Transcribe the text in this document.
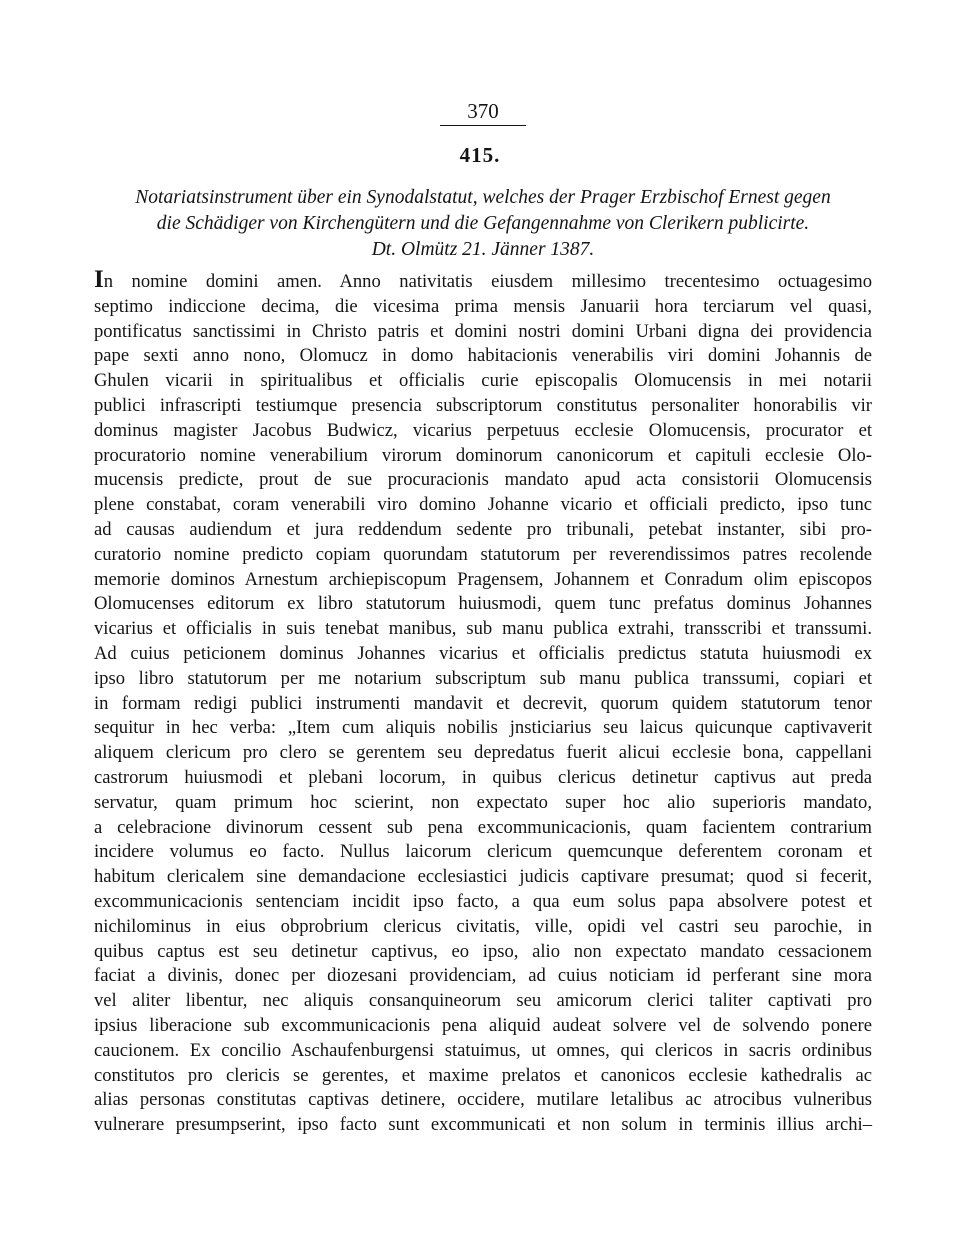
370
415.
Notariatsinstrument über ein Synodalstatut, welches der Prager Erzbischof Ernest gegen
die Schädiger von Kirchengütern und die Gefangennahme von Clerikern publicirte.
Dt. Olmütz 21. Jänner 1387.
In nomine domini amen. Anno nativitatis eiusdem millesimo trecentesimo octuagesimo
septimo indiccione decima, die vicesima prima mensis Januarii hora terciarum vel quasi,
pontificatus sanctissimi in Christo patris et domini nostri domini Urbani digna dei providencia
pape sexti anno nono, Olomucz in domo habitacionis venerabilis viri domini Johannis de
Ghulen vicarii in spiritualibus et officialis curie episcopalis Olomucensis in mei notarii
publici infrascripti testiumque presencia subscriptorum constitutus personaliter honorabilis vir
dominus magister Jacobus Budwicz, vicarius perpetuus ecclesie Olomucensis, procurator et
procuratorio nomine venerabilium virorum dominorum canonicorum et capituli ecclesie Olo-
mucensis predicte, prout de sue procuracionis mandato apud acta consistorii Olomucensis
plene constabat, coram venerabili viro domino Johanne vicario et officiali predicto, ipso tunc
ad causas audiendum et jura reddendum sedente pro tribunali, petebat instanter, sibi pro-
curatorio nomine predicto copiam quorundam statutorum per reverendissimos patres recolende
memorie dominos Arnestum archiepiscopum Pragensem, Johannem et Conradum olim episcopos
Olomucenses editorum ex libro statutorum huiusmodi, quem tunc prefatus dominus Johannes
vicarius et officialis in suis tenebat manibus, sub manu publica extrahi, transscribi et transsumi.
Ad cuius peticionem dominus Johannes vicarius et officialis predictus statuta huiusmodi ex
ipso libro statutorum per me notarium subscriptum sub manu publica transsumi, copiari et
in formam redigi publici instrumenti mandavit et decrevit, quorum quidem statutorum tenor
sequitur in hec verba: „Item cum aliquis nobilis jnsticiarius seu laicus quicunque captivaverit
aliquem clericum pro clero se gerentem seu depredatus fuerit alicui ecclesie bona, cappellani
castrorum huiusmodi et plebani locorum, in quibus clericus detinetur captivus aut preda
servatur, quam primum hoc scierint, non expectato super hoc alio superioris mandato,
a celebracione divinorum cessent sub pena excommunicacionis, quam facientem contrarium
incidere volumus eo facto. Nullus laicorum clericum quemcunque deferentem coronam et
habitum clericalem sine demandacione ecclesiastici judicis captivare presumat; quod si fecerit,
excommunicacionis sentenciam incidit ipso facto, a qua eum solus papa absolvere potest et
nichilominus in eius obprobrium clericus civitatis, ville, opidi vel castri seu parochie, in
quibus captus est seu detinetur captivus, eo ipso, alio non expectato mandato cessacionem
faciat a divinis, donec per diozesani providenciam, ad cuius noticiam id perferant sine mora
vel aliter libentur, nec aliquis consanquineorum seu amicorum clerici taliter captivati pro
ipsius liberacione sub excommunicacionis pena aliquid audeat solvere vel de solvendo ponere
caucionem. Ex concilio Aschaufenburgensi statuimus, ut omnes, qui clericos in sacris ordinibus
constitutos pro clericis se gerentes, et maxime prelatos et canonicos ecclesie kathedralis ac
alias personas constitutas captivas detinere, occidere, mutilare letalibus ac atrocibus vulneribus
vulnerare presumpserint, ipso facto sunt excommunicati et non solum in terminis illius archi–
